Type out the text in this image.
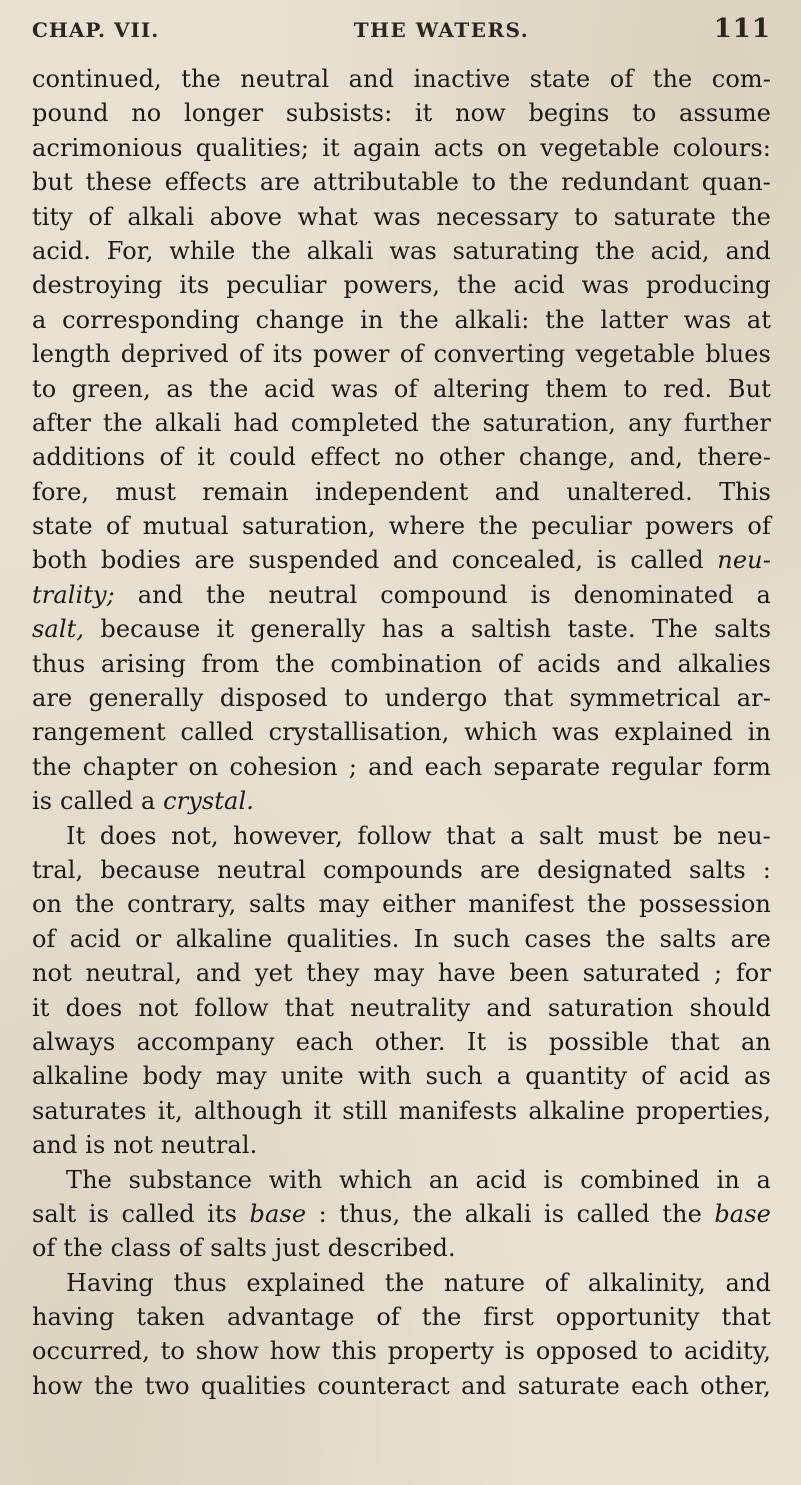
CHAP. VII.	THE WATERS.	111
continued, the neutral and inactive state of the com-
pound no longer subsists: it now begins to assume
acrimonious qualities; it again acts on vegetable colours:
but these effects are attributable to the redundant quan-
tity of alkali above what was necessary to saturate the
acid. For, while the alkali was saturating the acid, and
destroying its peculiar powers, the acid was producing
a corresponding change in the alkali: the latter was at
length deprived of its power of converting vegetable blues
to green, as the acid was of altering them to red. But
after the alkali had completed the saturation, any further
additions of it could effect no other change, and, there-
fore, must remain independent and unaltered. This
state of mutual saturation, where the peculiar powers of
both bodies are suspended and concealed, is called neu-
trality; and the neutral compound is denominated a
salt, because it generally has a saltish taste. The salts
thus arising from the combination of acids and alkalies
are generally disposed to undergo that symmetrical ar-
rangement called crystallisation, which was explained in
the chapter on cohesion ; and each separate regular form
is
called
a
crystal.
It does not, however, follow that a salt must be neu-
tral, because neutral compounds are designated salts :
on the contrary, salts may either manifest the possession
of acid or alkaline qualities. In such cases the salts are
not neutral, and yet they may have been saturated ; for
it does not follow that neutrality and saturation should
always accompany each other. It is possible that an
alkaline body may unite with such a quantity of acid as
saturates it, although it still manifests alkaline properties,
and
is
not
neutral.
The substance with which an acid is combined in a
salt is called its base : thus, the alkali is called the base
of
the
class
of
salts
just
described.
Having thus explained the nature of alkalinity, and
having taken advantage of the first opportunity that
occurred, to show how this property is opposed to acidity,
how the two qualities counteract and saturate each other,
